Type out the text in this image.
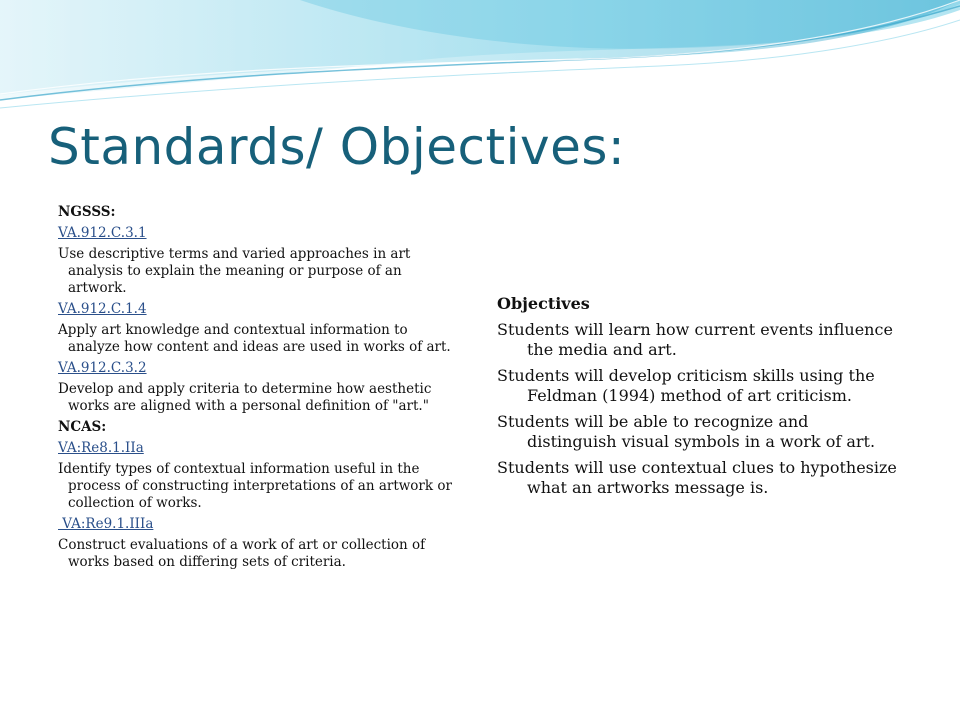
Standards/ Objectives:

NGSSS:

VA.912.C.3.1

Use descriptive terms and varied approaches in art analysis to explain the meaning or purpose of an artwork.

VA.912.C.1.4

Apply art knowledge and contextual information to analyze how content and ideas are used in works of art.

VA.912.C.3.2

Develop and apply criteria to determine how aesthetic works are aligned with a personal definition of "art."

NCAS:

VA:Re8.1.IIa

Identify types of contextual information useful in the process of constructing interpretations of an artwork or collection of works.

VA:Re9.1.IIIa

Construct evaluations of a work of art or collection of works based on differing sets of criteria.

Objectives

Students will learn how current events influence the media and art.

Students will develop criticism skills using the Feldman (1994) method of art criticism.

Students will be able to recognize and distinguish visual symbols in a work of art.

Students will use contextual clues to hypothesize what an artworks message is.
